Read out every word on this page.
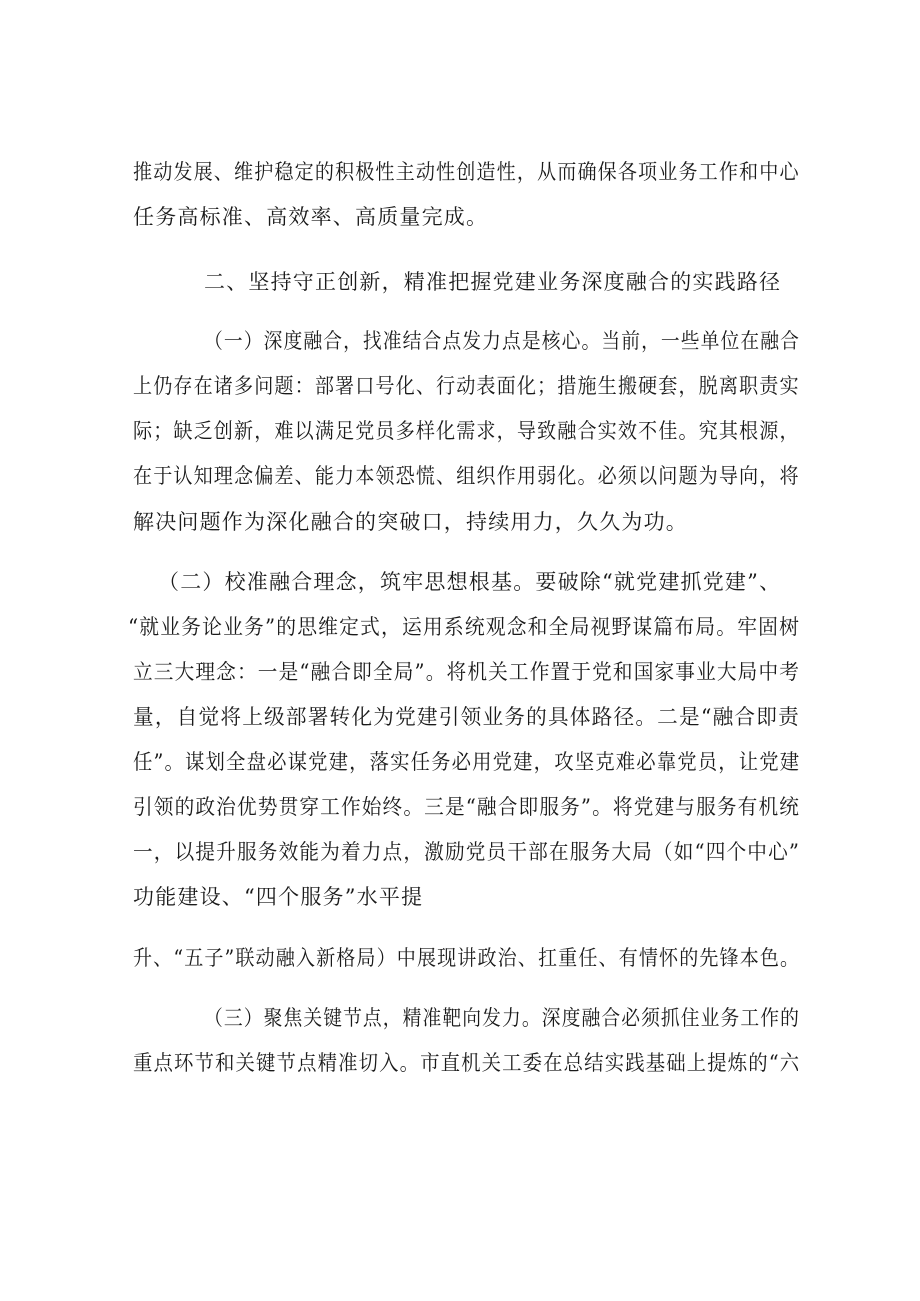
推动发展、维护稳定的积极性主动性创造性，从而确保各项业务工作和中心
任务高标准、高效率、高质量完成。
二、坚持守正创新，精准把握党建业务深度融合的实践路径
（一）深度融合，找准结合点发力点是核心。当前，一些单位在融合
上仍存在诸多问题：部署口号化、行动表面化；措施生搬硬套，脱离职责实
际；缺乏创新，难以满足党员多样化需求，导致融合实效不佳。究其根源，
在于认知理念偏差、能力本领恐慌、组织作用弱化。必须以问题为导向，将
解决问题作为深化融合的突破口，持续用力，久久为功。
（二）校准融合理念，筑牢思想根基。要破除“就党建抓党建”、
“就业务论业务”的思维定式，运用系统观念和全局视野谋篇布局。牢固树
立三大理念：一是“融合即全局”。将机关工作置于党和国家事业大局中考
量，自觉将上级部署转化为党建引领业务的具体路径。二是“融合即责
任”。谋划全盘必谋党建，落实任务必用党建，攻坚克难必靠党员，让党建
引领的政治优势贯穿工作始终。三是“融合即服务”。将党建与服务有机统
一，以提升服务效能为着力点，激励党员干部在服务大局（如“四个中心”
功能建设、“四个服务”水平提
升、“五子”联动融入新格局）中展现讲政治、扛重任、有情怀的先锋本色。
（三）聚焦关键节点，精准靶向发力。深度融合必须抓住业务工作的
重点环节和关键节点精准切入。市直机关工委在总结实践基础上提炼的“六
